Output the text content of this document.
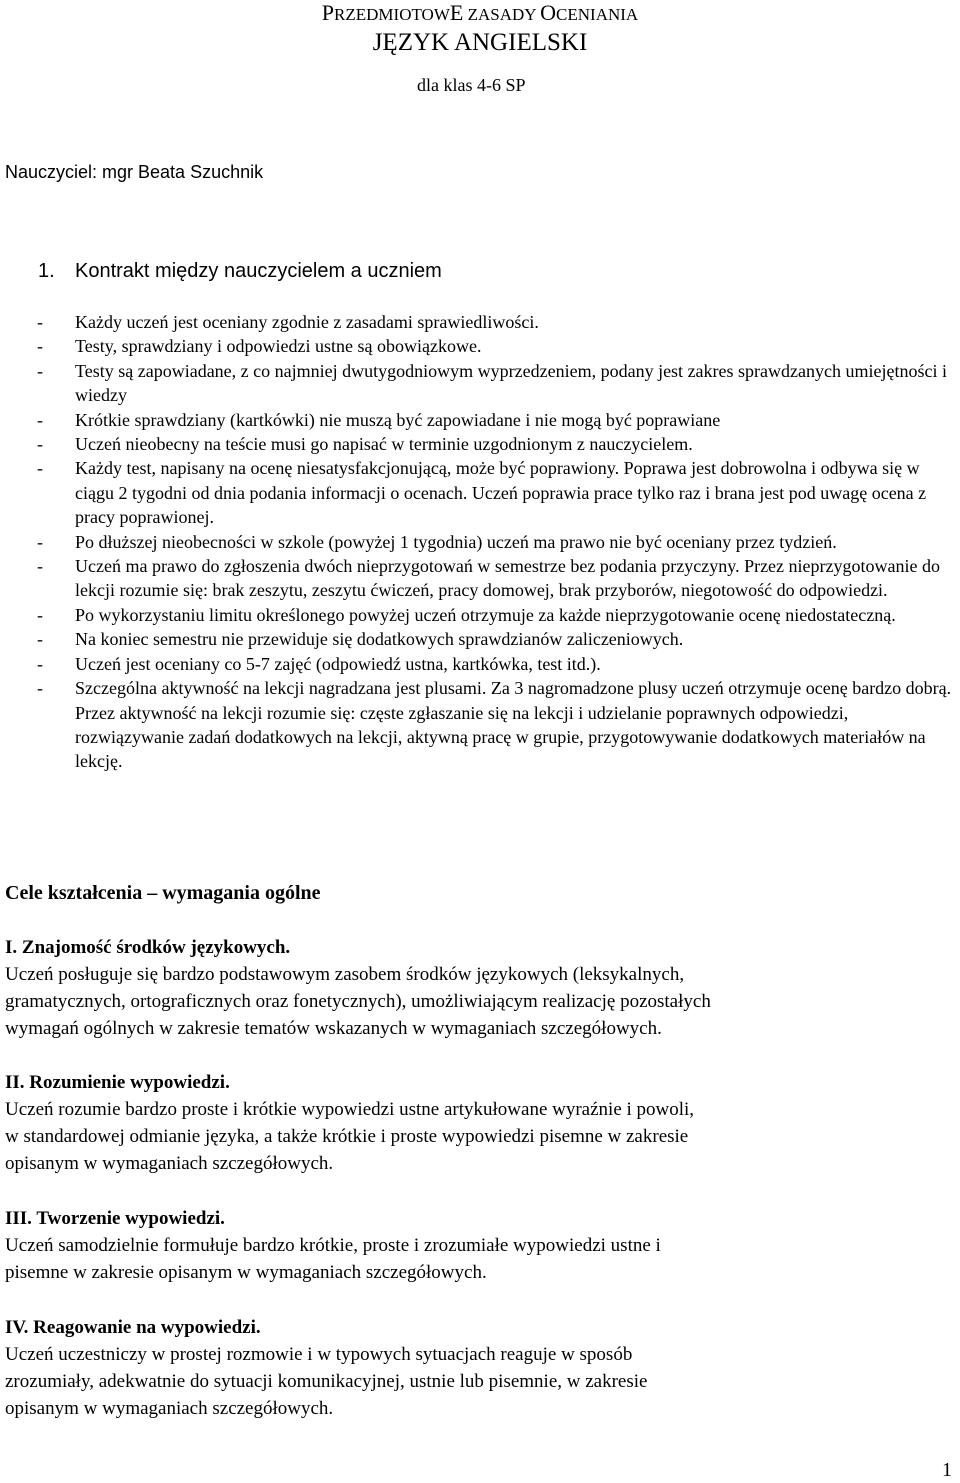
PRZEDMIOTOWE ZASADY OCENIANIA
JĘZYK ANGIELSKI
dla klas 4-6 SP
Nauczyciel: mgr Beata Szuchnik
1. Kontrakt między nauczycielem a uczniem
- Każdy uczeń jest oceniany zgodnie z zasadami sprawiedliwości.
- Testy, sprawdziany i odpowiedzi ustne są obowiązkowe.
- Testy są zapowiadane, z co najmniej dwutygodniowym wyprzedzeniem, podany jest zakres sprawdzanych umiejętności i wiedzy
- Krótkie sprawdziany (kartkówki) nie muszą być zapowiadane i nie mogą być poprawiane
- Uczeń nieobecny na teście musi go napisać w terminie uzgodnionym z nauczycielem.
- Każdy test, napisany na ocenę niesatysfakcjonującą, może być poprawiony. Poprawa jest dobrowolna i odbywa się w ciągu 2 tygodni od dnia podania informacji o ocenach. Uczeń poprawia prace tylko raz i brana jest pod uwagę ocena z pracy poprawionej.
- Po dłuższej nieobecności w szkole (powyżej 1 tygodnia) uczeń ma prawo nie być oceniany przez tydzień.
- Uczeń ma prawo do zgłoszenia dwóch nieprzygotowań w semestrze bez podania przyczyny. Przez nieprzygotowanie do lekcji rozumie się: brak zeszytu, zeszytu ćwiczeń, pracy domowej, brak przyborów, niegotowość do odpowiedzi.
- Po wykorzystaniu limitu określonego powyżej uczeń otrzymuje za każde nieprzygotowanie ocenę niedostateczną.
- Na koniec semestru nie przewiduje się dodatkowych sprawdzianów zaliczeniowych.
- Uczeń jest oceniany co 5-7 zajęć (odpowiedź ustna, kartkówka, test itd.).
- Szczególna aktywność na lekcji nagradzana jest plusami. Za 3 nagromadzone plusy uczeń otrzymuje ocenę bardzo dobrą. Przez aktywność na lekcji rozumie się: częste zgłaszanie się na lekcji i udzielanie poprawnych odpowiedzi, rozwiązywanie zadań dodatkowych na lekcji, aktywną pracę w grupie, przygotowywanie dodatkowych materiałów na lekcję.
Cele kształcenia – wymagania ogólne
I. Znajomość środków językowych.
Uczeń posługuje się bardzo podstawowym zasobem środków językowych (leksykalnych,
gramatycznych, ortograficznych oraz fonetycznych), umożliwiającym realizację pozostałych
wymagań ogólnych w zakresie tematów wskazanych w wymaganiach szczegółowych.
II. Rozumienie wypowiedzi.
Uczeń rozumie bardzo proste i krótkie wypowiedzi ustne artykułowane wyraźnie i powoli,
w standardowej odmianie języka, a także krótkie i proste wypowiedzi pisemne w zakresie
opisanym w wymaganiach szczegółowych.
III. Tworzenie wypowiedzi.
Uczeń samodzielnie formułuje bardzo krótkie, proste i zrozumiałe wypowiedzi ustne i
pisemne w zakresie opisanym w wymaganiach szczegółowych.
IV. Reagowanie na wypowiedzi.
Uczeń uczestniczy w prostej rozmowie i w typowych sytuacjach reaguje w sposób
zrozumiały, adekwatnie do sytuacji komunikacyjnej, ustnie lub pisemnie, w zakresie
opisanym w wymaganiach szczegółowych.
1
